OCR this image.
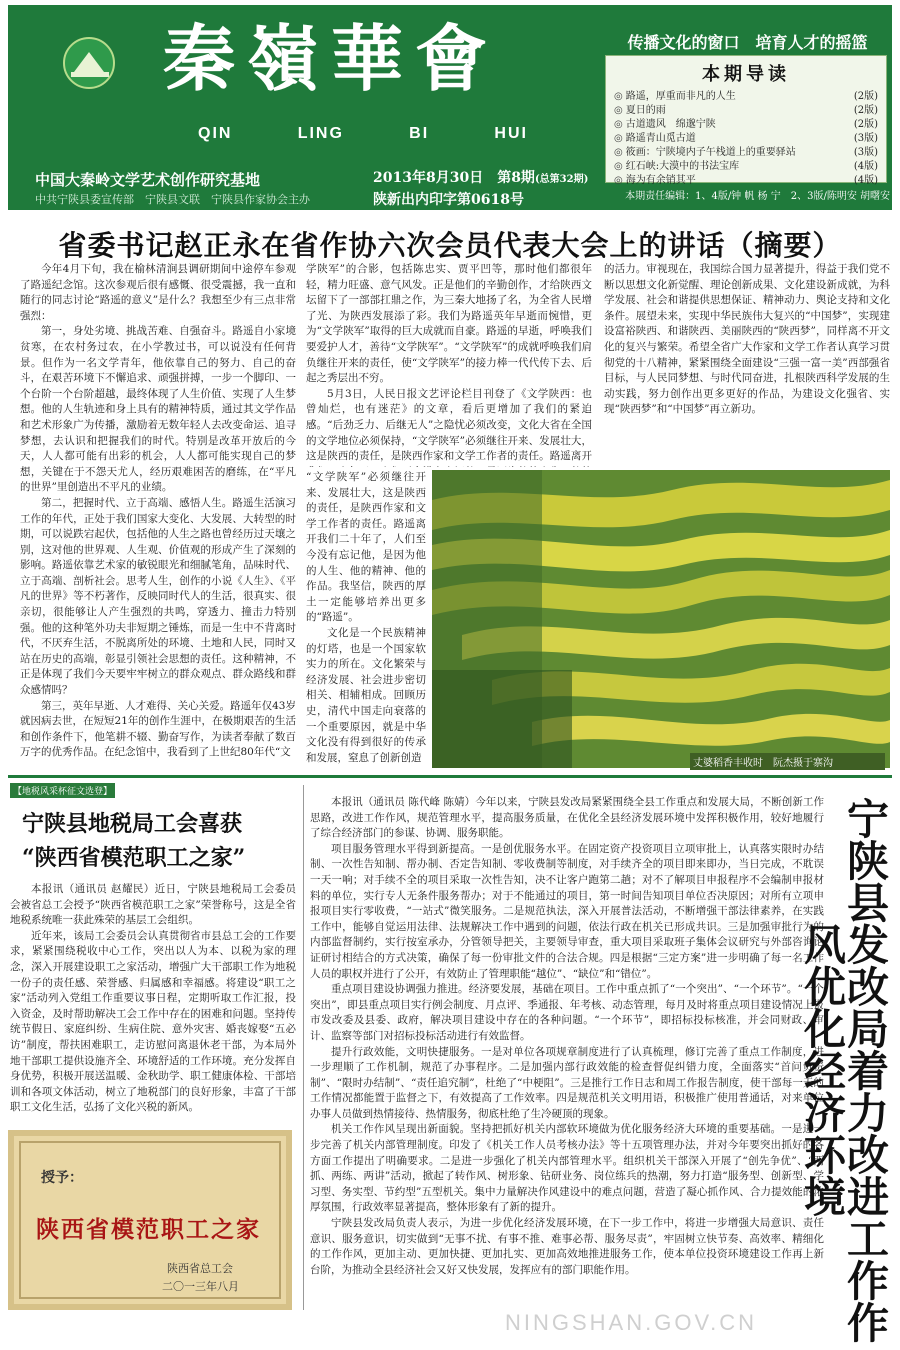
秦嶺華會
QIN	LING	BI	HUI
中国大秦岭文学艺术创作研究基地
中共宁陕县委宣传部　宁陕县文联　宁陕县作家协会主办
2013年8月30日　第8期(总第32期)
陕新出内印字第0618号
传播文化的窗口　培育人才的摇篮
本期导读
◎ 路遥，厚重而非凡的人生	(2版)
◎ 夏日的雨	(2版)
◎ 古道遗风　绵邈宁陕	(2版)
◎ 路遥青山觅古道	(3版)
◎ 筱画：宁陕境内子午栈道上的重要驿站	(3版)
◎ 红石峡:大漠中的书法宝库	(4版)
◎ 海为有余销其平	(4版)
本期责任编辑：1、4版/钟 帆 杨 宁　2、3版/陈明安 胡曙安
省委书记赵正永在省作协六次会员代表大会上的讲话（摘要）

今年4月下旬，我在榆林清涧县调研期间中途停车参观了路遥纪念馆。这次参观后很有感慨、很受震撼，我一直和随行的同志讨论“路遥的意义”是什么？我想至少有三点非常强烈：

第一，身处劣境、挑战苦难、自强奋斗。路遥自小家境贫寒，在农村务过农，在小学教过书，可以说没有任何背景。但作为一名文学青年，他依靠自己的努力、自己的奋斗，在艰苦环境下不懈追求、顽强拼搏，一步一个脚印、一个台阶一个台阶超越，最终体现了人生价值、实现了人生梦想。他的人生轨迹和身上具有的精神特质，通过其文学作品和艺术形象广为传播，激励着无数年轻人去改变命运、追寻梦想，去认识和把握我们的时代。特别是改革开放后的今天，人人都可能有出彩的机会，人人都可能实现自己的梦想，关键在于不怨天尤人，经历艰难困苦的磨练，在“平凡的世界”里创造出不平凡的业绩。

第二，把握时代、立于高端、感悟人生。路遥生活演习工作的年代，正处于我们国家大变化、大发展、大转型的时期，可以说跌宕起伏，包括他的人生之路也曾经历过天壤之别，这对他的世界观、人生观、价值观的形成产生了深刻的影响。路遥依靠艺术家的敏锐眼光和细腻笔角，品味时代、立于高端、剖析社会。思考人生，创作的小说《人生》、《平凡的世界》等不朽著作，反映同时代人的生活，很真实、很亲切，很能够让人产生强烈的共鸣，穿透力、撞击力特别强。他的这种笔外功夫非短期之锤炼，而是一生中不背离时代，不厌弃生活，不脱离所处的环境、土地和人民，同时又站在历史的高端，彰显引领社会思想的责任。这种精神，不正是体现了我们今天要牢牢树立的群众观点、群众路线和群众感情吗？

第三，英年早逝、人才难得、关心关爱。路遥年仅43岁就因病去世，在短短21年的创作生涯中，在极期艰苦的生活和创作条件下，他笔耕不辍、勤奋写作，为读者奉献了数百万字的优秀作品。在纪念馆中，我看到了上世纪80年代“文

学陕军”的合影，包括陈忠实、贾平凹等，那时他们都很年轻，精力旺盛、意气风发。正是他们的辛勤创作，才给陕西文坛留下了一部部扛鼎之作，为三秦大地扬了名，为全省人民增了光、为陕西发展添了彩。我们为路遥英年早逝而惋惜，更为“文学陕军”取得的巨大成就而自豪。路遥的早逝，呼唤我们要爱护人才，善待“文学陕军”。“文学陕军”的成就呼唤我们肩负继往开来的责任，使“文学陕军”的接力棒一代代传下去、后起之秀层出不穷。

5月3日，人民日报文艺评论栏目刊登了《文学陕西：也曾灿烂，也有迷茫》的文章，看后更增加了我们的紧迫感。“后劲乏力、后继无人”之隐忧必须改变，文化大省在全国的文学地位必须保持，“文学陕军”必须继往开来、发展壮大，这是陕西的责任，是陕西作家和文学工作者的责任。路遥离开

“文学陕军”必须继往开来、发展壮大，这是陕西的责任，是陕西作家和文学工作者的责任。路遥离开我们二十年了，人们至今没有忘记他，是因为他的人生、他的精神、他的作品。我坚信，陕西的厚土一定能够培养出更多的“路遥”。

文化是一个民族精神的灯塔，也是一个国家软实力的所在。文化繁荣与经济发展、社会进步密切相关、相辅相成。回顾历史，清代中国走向衰落的一个重要原因，就是中华文化没有得到很好的传承和发展，窒息了创新创造

的活力。审视现在，我国综合国力显著提升，得益于我们党不断以思想文化新觉醒、理论创新成果、文化建设新成就，为科学发展、社会和谐提供思想保证、精神动力、舆论支持和文化条件。展望未来，实现中华民族伟大复兴的“中国梦”，实现建设富裕陕西、和谐陕西、美丽陕西的“陕西梦”，同样离不开文化的复兴与繁荣。希望全省广大作家和文学工作者认真学习贯彻党的十八精神，紧紧围绕全面建设“三强一富一美”西部强省目标，与人民同梦想、与时代同奋进，扎根陕西科学发展的生动实践，努力创作出更多更好的作品，为建设文化强省、实现“陕西梦”和“中国梦”再立新功。

丈婆稻香丰收时　阮杰摄于寨沟
【地税风采杯征文选登】
宁陕县地税局工会喜获
“陕西省模范职工之家”

本报讯（通讯员 赵耀民）近日，宁陕县地税局工会委员会被省总工会授予“陕西省模范职工之家”荣誉称号，这是全省地税系统唯一获此殊荣的基层工会组织。

近年来，该局工会委员会认真贯彻省市县总工会的工作要求，紧紧围绕税收中心工作，突出以人为本、以税为家的理念，深入开展建设职工之家活动，增强广大干部职工作为地税一份子的责任感、荣誉感、归属感和幸福感。将建设“职工之家”活动列入党组工作重要议事日程，定期听取工作汇报，投入资金，及时帮助解决工会工作中存在的困难和问题。坚持传统节假日、家庭纠纷、生病住院、意外灾害、婚丧嫁娶“五必访”制度，帮扶困难职工，走访慰问离退休老干部，为本局外地干部职工提供设施齐全、环境舒适的工作环境。充分发挥自身优势，积极开展送温暖、金秋助学、职工健康体检、干部培训和各项文体活动，树立了地税部门的良好形象，丰富了干部职工文化生活，弘扬了文化兴税的新风。

授予：
陕西省模范职工之家
陕西省总工会
二〇一三年八月

本报讯（通讯员 陈代峰 陈婧）今年以来，宁陕县发改局紧紧围绕全县工作重点和发展大局，不断创新工作思路，改进工作作风，规范管理水平，提高服务质量，在优化全县经济发展环境中发挥积极作用，较好地履行了综合经济部门的参谋、协调、服务职能。

项目服务管理水平得到新提高。一是创优服务水平。在固定资产投资项目立项审批上，认真落实限时办结制、一次性告知制、帮办制、否定告知制、零收费制等制度，对手续齐全的项目即来即办，当日完成，不耽误一天一响；对手续不全的项目采取一次性告知，决不让客户跑第二趟；对不了解项目申报程序不会编制申报材料的单位，实行专人无条件服务帮办；对于不能通过的项目，第一时间告知项目单位否决原因；对所有立项申报项目实行零收费，“一站式”微笑服务。二是规范执法，深入开展普法活动，不断增强干部法律素养，在实践工作中，能够自觉运用法律、法规解决工作中遇到的问题，依法行政在机关已形成共识。三是加强审批行为的内部监督制约，实行按室承办，分管领导把关，主要领导审查，重大项目采取班子集体会议研究与外部咨询论证研讨相结合的方式决策，确保了每一份审批文件的合法合规。四是根据“三定方案”进一步明确了每一名工作人员的职权并进行了公开，有效防止了管理职能“越位”、“缺位”和“错位”。

重点项目建设协调强力推进。经济要发展，基础在项目。工作中重点抓了“一个突出”、“一个环节”。“一个突出”，即县重点项目实行例会制度、月点评、季通报、年考核、动态管理，每月及时将重点项目建设情况上报市发改委及县委、政府，解决项目建设中存在的各种问题。“一个环节”，即招标投标核准，并会同财政、审计、监察等部门对招标投标活动进行有效监督。

提升行政效能，文明快捷服务。一是对单位各项规章制度进行了认真梳理，修订完善了重点工作制度，进一步理顺了工作机制，规范了办事程序。二是加强内部行政效能的检查督促纠错力度，全面落实“首问负责制”、“限时办结制”、“责任追究制”，杜绝了“中梗阻”。三是推行工作日志和周工作报告制度，使干部每一天的工作情况都能置于监督之下，有效提高了工作效率。四是规范机关文明用语，积极推广使用普通话，对来单位办事人员做到热情接待、热情服务，彻底杜绝了生冷硬顶的现象。

机关工作作风呈现出新面貌。坚持把抓好机关内部软环境做为优化服务经济大环境的重要基础。一是进一步完善了机关内部管理制度。印发了《机关工作人员考核办法》等十五项管理办法，并对今年要突出抓好的各方面工作提出了明确要求。二是进一步强化了机关内部管理水平。组织机关干部深入开展了“创先争优”、“两抓、两练、两讲”活动，掀起了转作风、树形象、钻研业务、岗位练兵的热潮，努力打造“服务型、创新型、学习型、务实型、节约型”五型机关。集中力量解决作风建设中的难点问题，营造了凝心抓作风、合力提效能的浓厚氛围，行政效率显著提高，整体形象有了新的提升。

宁陕县发改局负责人表示，为进一步优化经济发展环境，在下一步工作中，将进一步增强大局意识、责任意识、服务意识，切实做到“无事不扰、有事不推、难事必帮、服务尽责”，牢固树立快节奏、高效率、精细化的工作作风，更加主动、更加快捷、更加扎实、更加高效地推进服务工作，使本单位投资环境建设工作再上新台阶，为推动全县经济社会又好又快发展，发挥应有的部门职能作用。	宁陕县发改局着力改进工作作风优化经济环境
NINGSHAN.GOV.CN
